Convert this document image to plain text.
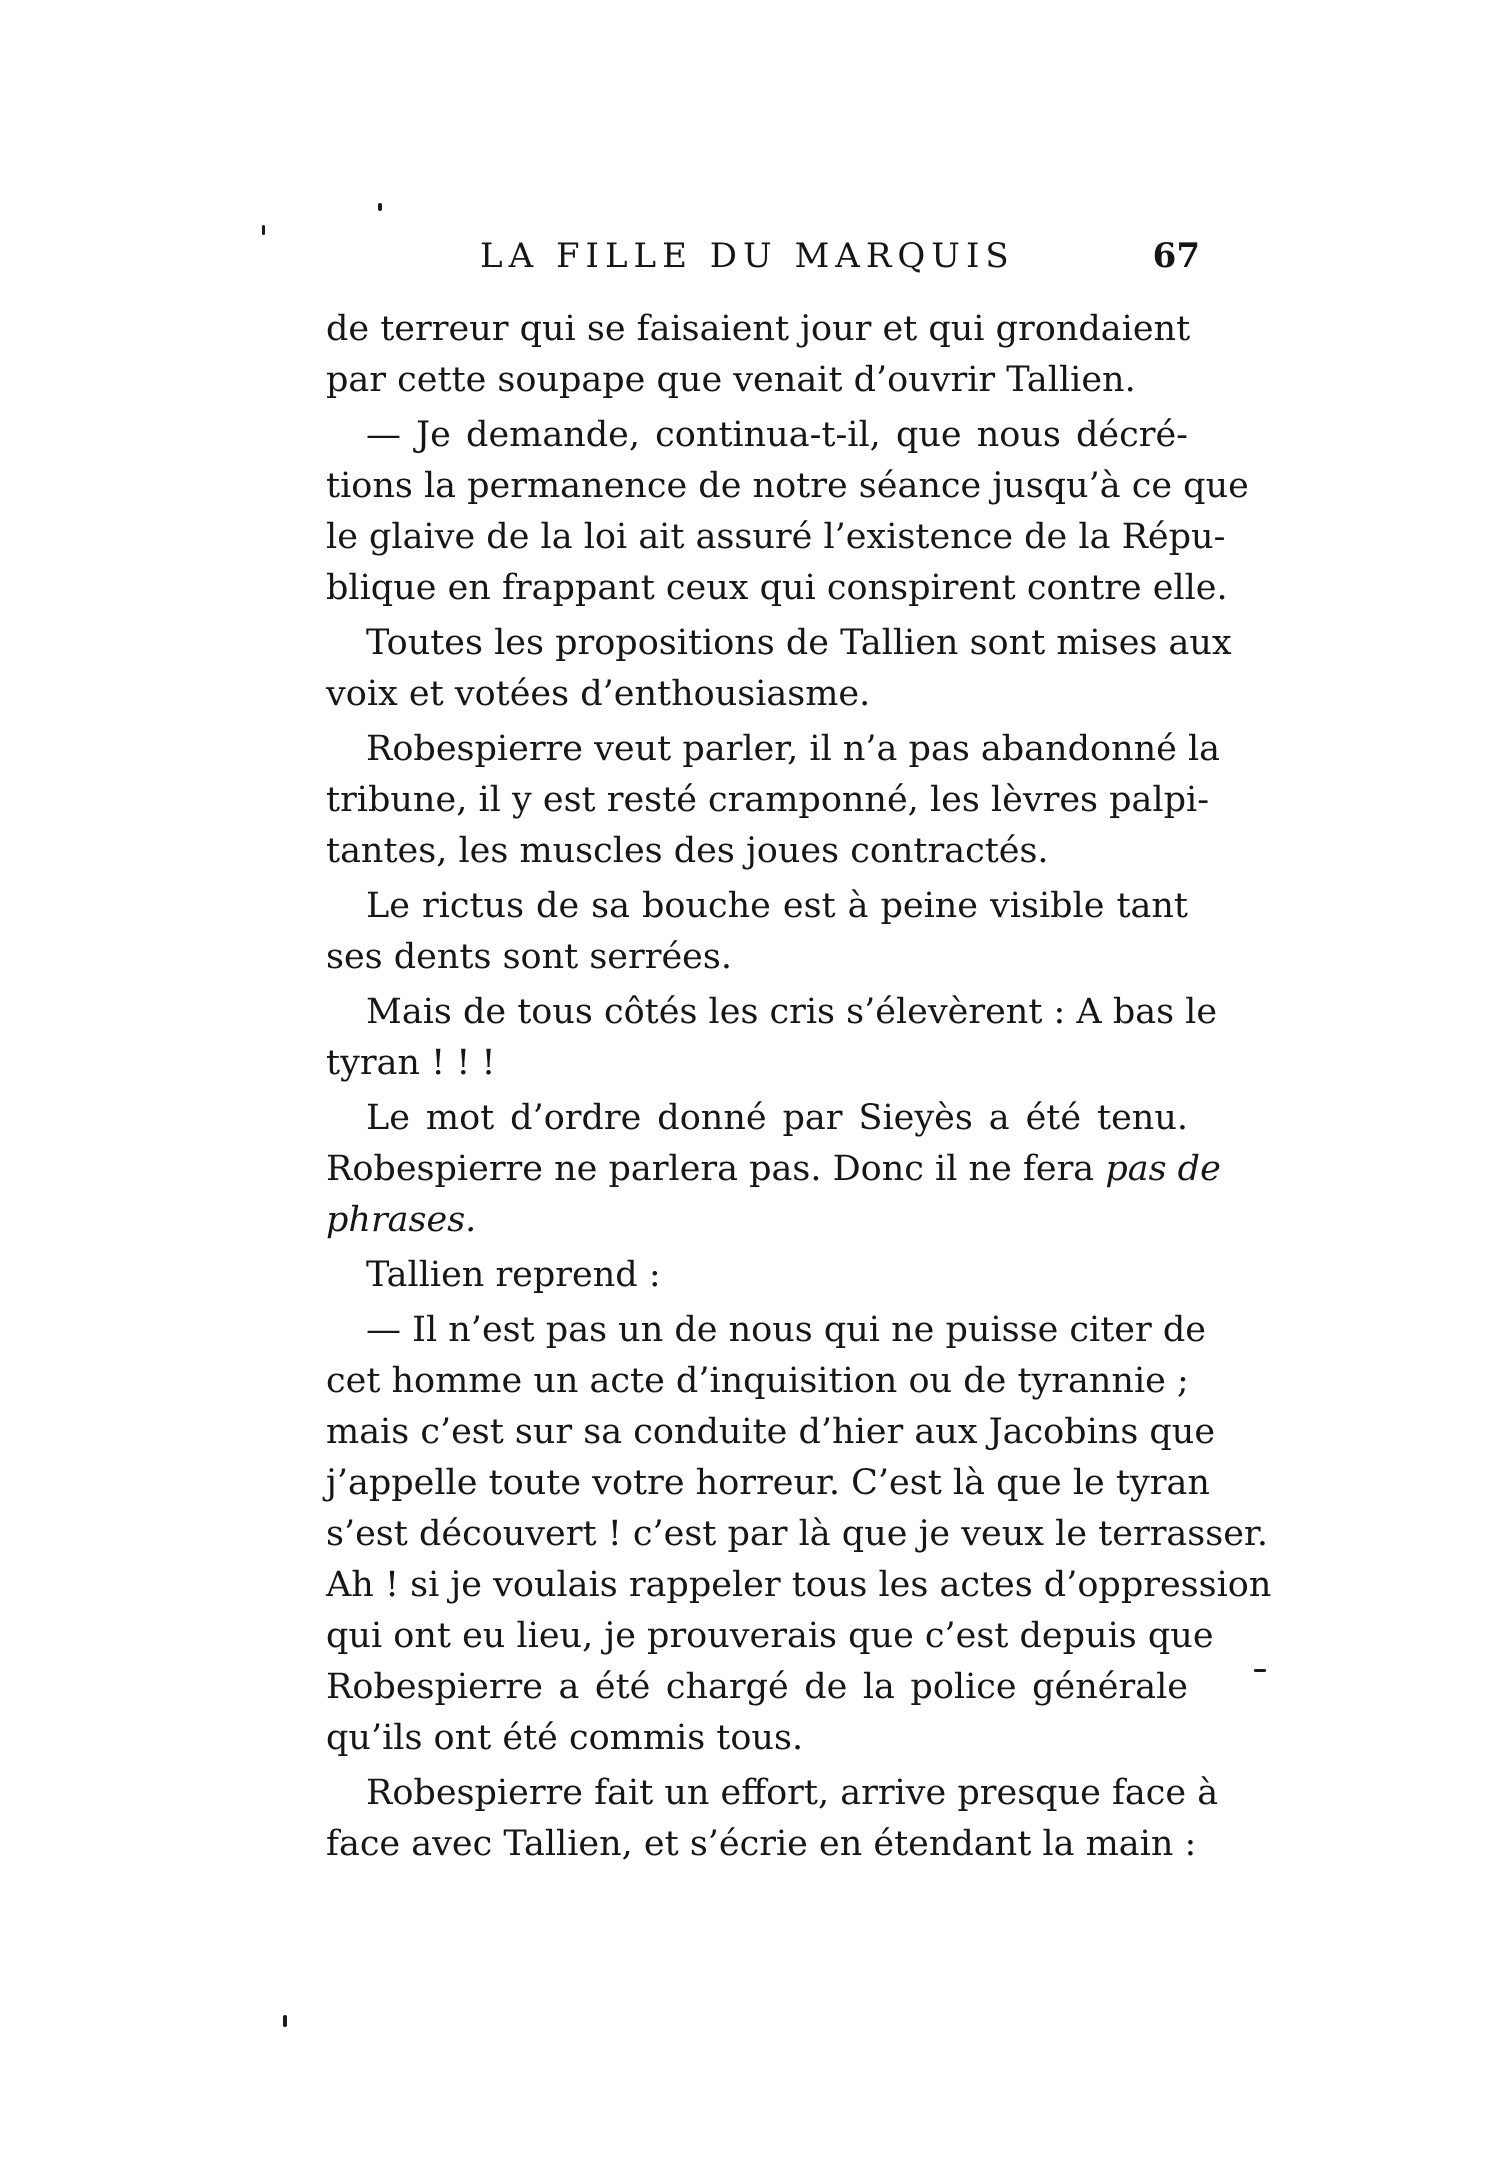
LA FILLE DU MARQUIS	67
de terreur qui se faisaient jour et qui grondaient
par cette soupape que venait d’ouvrir Tallien.
— Je demande, continua-t-il, que nous décré-
tions la permanence de notre séance jusqu’à ce que
le glaive de la loi ait assuré l’existence de la Répu-
blique en frappant ceux qui conspirent contre elle.
Toutes les propositions de Tallien sont mises aux
voix et votées d’enthousiasme.
Robespierre veut parler, il n’a pas abandonné la
tribune, il y est resté cramponné, les lèvres palpi-
tantes, les muscles des joues contractés.
Le rictus de sa bouche est à peine visible tant
ses dents sont serrées.
Mais de tous côtés les cris s’élevèrent : A bas le
tyran ! ! !
Le mot d’ordre donné par Sieyès a été tenu.
Robespierre ne parlera pas. Donc il ne fera pas de
phrases.
Tallien reprend :
— Il n’est pas un de nous qui ne puisse citer de
cet homme un acte d’inquisition ou de tyrannie ;
mais c’est sur sa conduite d’hier aux Jacobins que
j’appelle toute votre horreur. C’est là que le tyran
s’est découvert ! c’est par là que je veux le terrasser.
Ah ! si je voulais rappeler tous les actes d’oppression
qui ont eu lieu, je prouverais que c’est depuis que
Robespierre a été chargé de la police générale
qu’ils ont été commis tous.
Robespierre fait un effort, arrive presque face à
face avec Tallien, et s’écrie en étendant la main :
